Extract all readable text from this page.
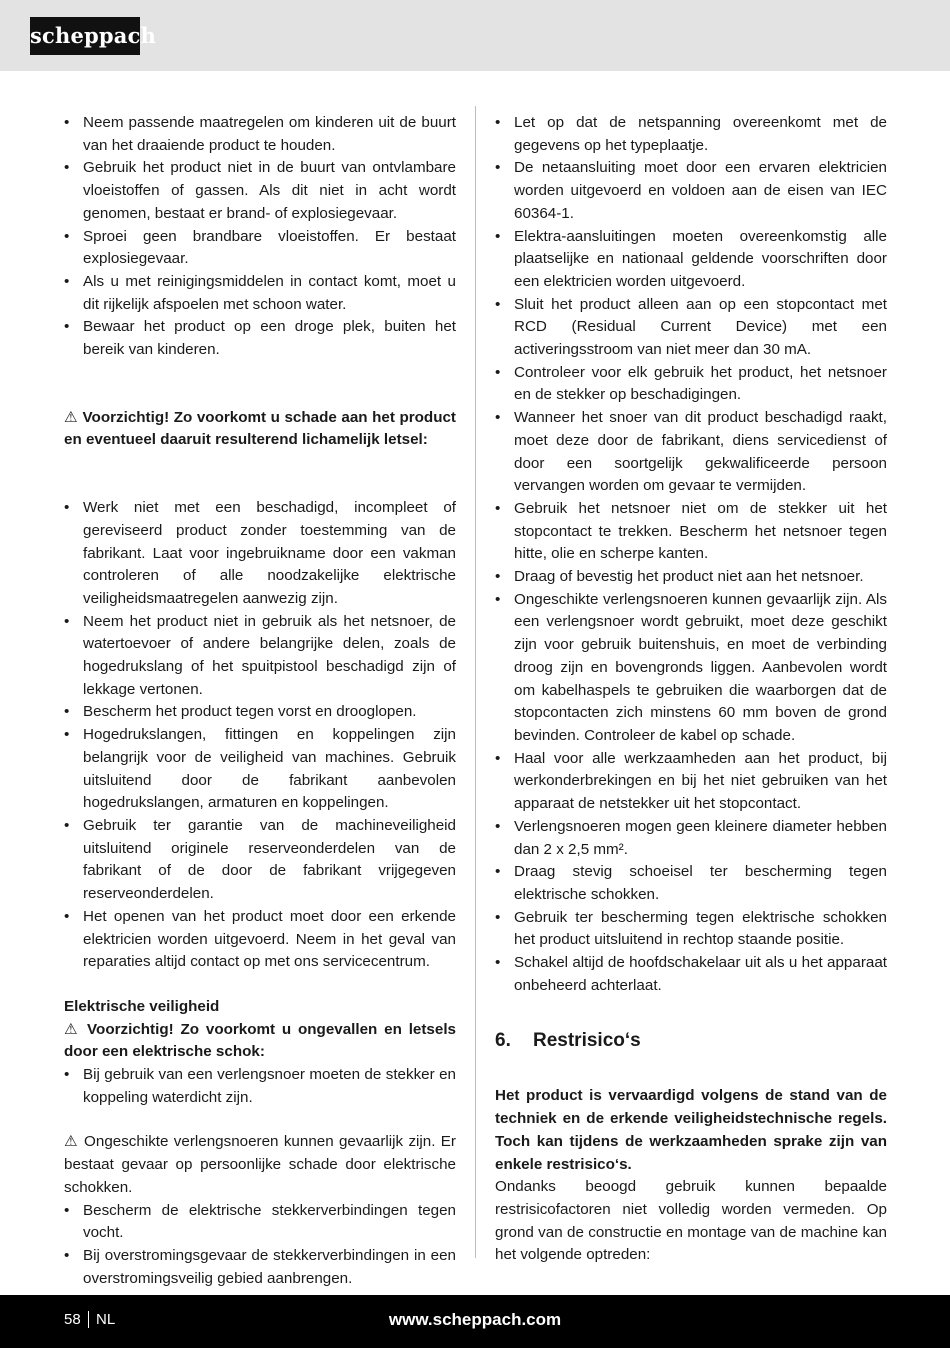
scheppach
• Neem passende maatregelen om kinderen uit de buurt van het draaiende product te houden.
• Gebruik het product niet in de buurt van ontvlambare vloeistoffen of gassen. Als dit niet in acht wordt genomen, bestaat er brand- of explosiegevaar.
• Sproei geen brandbare vloeistoffen. Er bestaat explosiegevaar.
• Als u met reinigingsmiddelen in contact komt, moet u dit rijkelijk afspoelen met schoon water.
• Bewaar het product op een droge plek, buiten het bereik van kinderen.

⚠ Voorzichtig! Zo voorkomt u schade aan het product en eventueel daaruit resulterend lichamelijk letsel:

• Werk niet met een beschadigd, incompleet of gereviseerd product zonder toestemming van de fabrikant. Laat voor ingebruikname door een vakman controleren of alle noodzakelijke elektrische veiligheidsmaatregelen aanwezig zijn.
• Neem het product niet in gebruik als het netsnoer, de watertoevoer of andere belangrijke delen, zoals de hogedrukslang of het spuitpistool beschadigd zijn of lekkage vertonen.
• Bescherm het product tegen vorst en drooglopen.
• Hogedrukslangen, fittingen en koppelingen zijn belangrijk voor de veiligheid van machines. Gebruik uitsluitend door de fabrikant aanbevolen hogedrukslangen, armaturen en koppelingen.
• Gebruik ter garantie van de machineveiligheid uitsluitend originele reserveonderdelen van de fabrikant of de door de fabrikant vrijgegeven reserveonderdelen.
• Het openen van het product moet door een erkende elektricien worden uitgevoerd. Neem in het geval van reparaties altijd contact op met ons servicecentrum.

Elektrische veiligheid

⚠ Voorzichtig! Zo voorkomt u ongevallen en letsels door een elektrische schok:

• Bij gebruik van een verlengsnoer moeten de stekker en koppeling waterdicht zijn.

⚠ Ongeschikte verlengsnoeren kunnen gevaarlijk zijn. Er bestaat gevaar op persoonlijke schade door elektrische schokken.

• Bescherm de elektrische stekkerverbindingen tegen vocht.
• Bij overstromingsgevaar de stekkerverbindingen in een overstromingsveilig gebied aanbrengen.
• Let op dat de netspanning overeenkomt met de gegevens op het typeplaatje.
• De netaansluiting moet door een ervaren elektricien worden uitgevoerd en voldoen aan de eisen van IEC 60364-1.
• Elektra-aansluitingen moeten overeenkomstig alle plaatselijke en nationaal geldende voorschriften door een elektricien worden uitgevoerd.
• Sluit het product alleen aan op een stopcontact met RCD (Residual Current Device) met een activeringsstroom van niet meer dan 30 mA.
• Controleer voor elk gebruik het product, het netsnoer en de stekker op beschadigingen.
• Wanneer het snoer van dit product beschadigd raakt, moet deze door de fabrikant, diens servicedienst of door een soortgelijk gekwalificeerde persoon vervangen worden om gevaar te vermijden.
• Gebruik het netsnoer niet om de stekker uit het stopcontact te trekken. Bescherm het netsnoer tegen hitte, olie en scherpe kanten.
• Draag of bevestig het product niet aan het netsnoer.
• Ongeschikte verlengsnoeren kunnen gevaarlijk zijn. Als een verlengsnoer wordt gebruikt, moet deze geschikt zijn voor gebruik buitenshuis, en moet de verbinding droog zijn en bovengronds liggen. Aanbevolen wordt om kabelhaspels te gebruiken die waarborgen dat de stopcontacten zich minstens 60 mm boven de grond bevinden. Controleer de kabel op schade.
• Haal voor alle werkzaamheden aan het product, bij werkonderbrekingen en bij het niet gebruiken van het apparaat de netstekker uit het stopcontact.
• Verlengsnoeren mogen geen kleinere diameter hebben dan 2 x 2,5 mm².
• Draag stevig schoeisel ter bescherming tegen elektrische schokken.
• Gebruik ter bescherming tegen elektrische schokken het product uitsluitend in rechtop staande positie.
• Schakel altijd de hoofdschakelaar uit als u het apparaat onbeheerd achterlaat.
6. Restrisico‘s

Het product is vervaardigd volgens de stand van de techniek en de erkende veiligheidstechnische regels. Toch kan tijdens de werkzaamheden sprake zijn van enkele restrisico‘s.

Ondanks beoogd gebruik kunnen bepaalde restrisicofactoren niet volledig worden vermeden. Op grond van de constructie en montage van de machine kan het volgende optreden:

58 NL	www.scheppach.com
